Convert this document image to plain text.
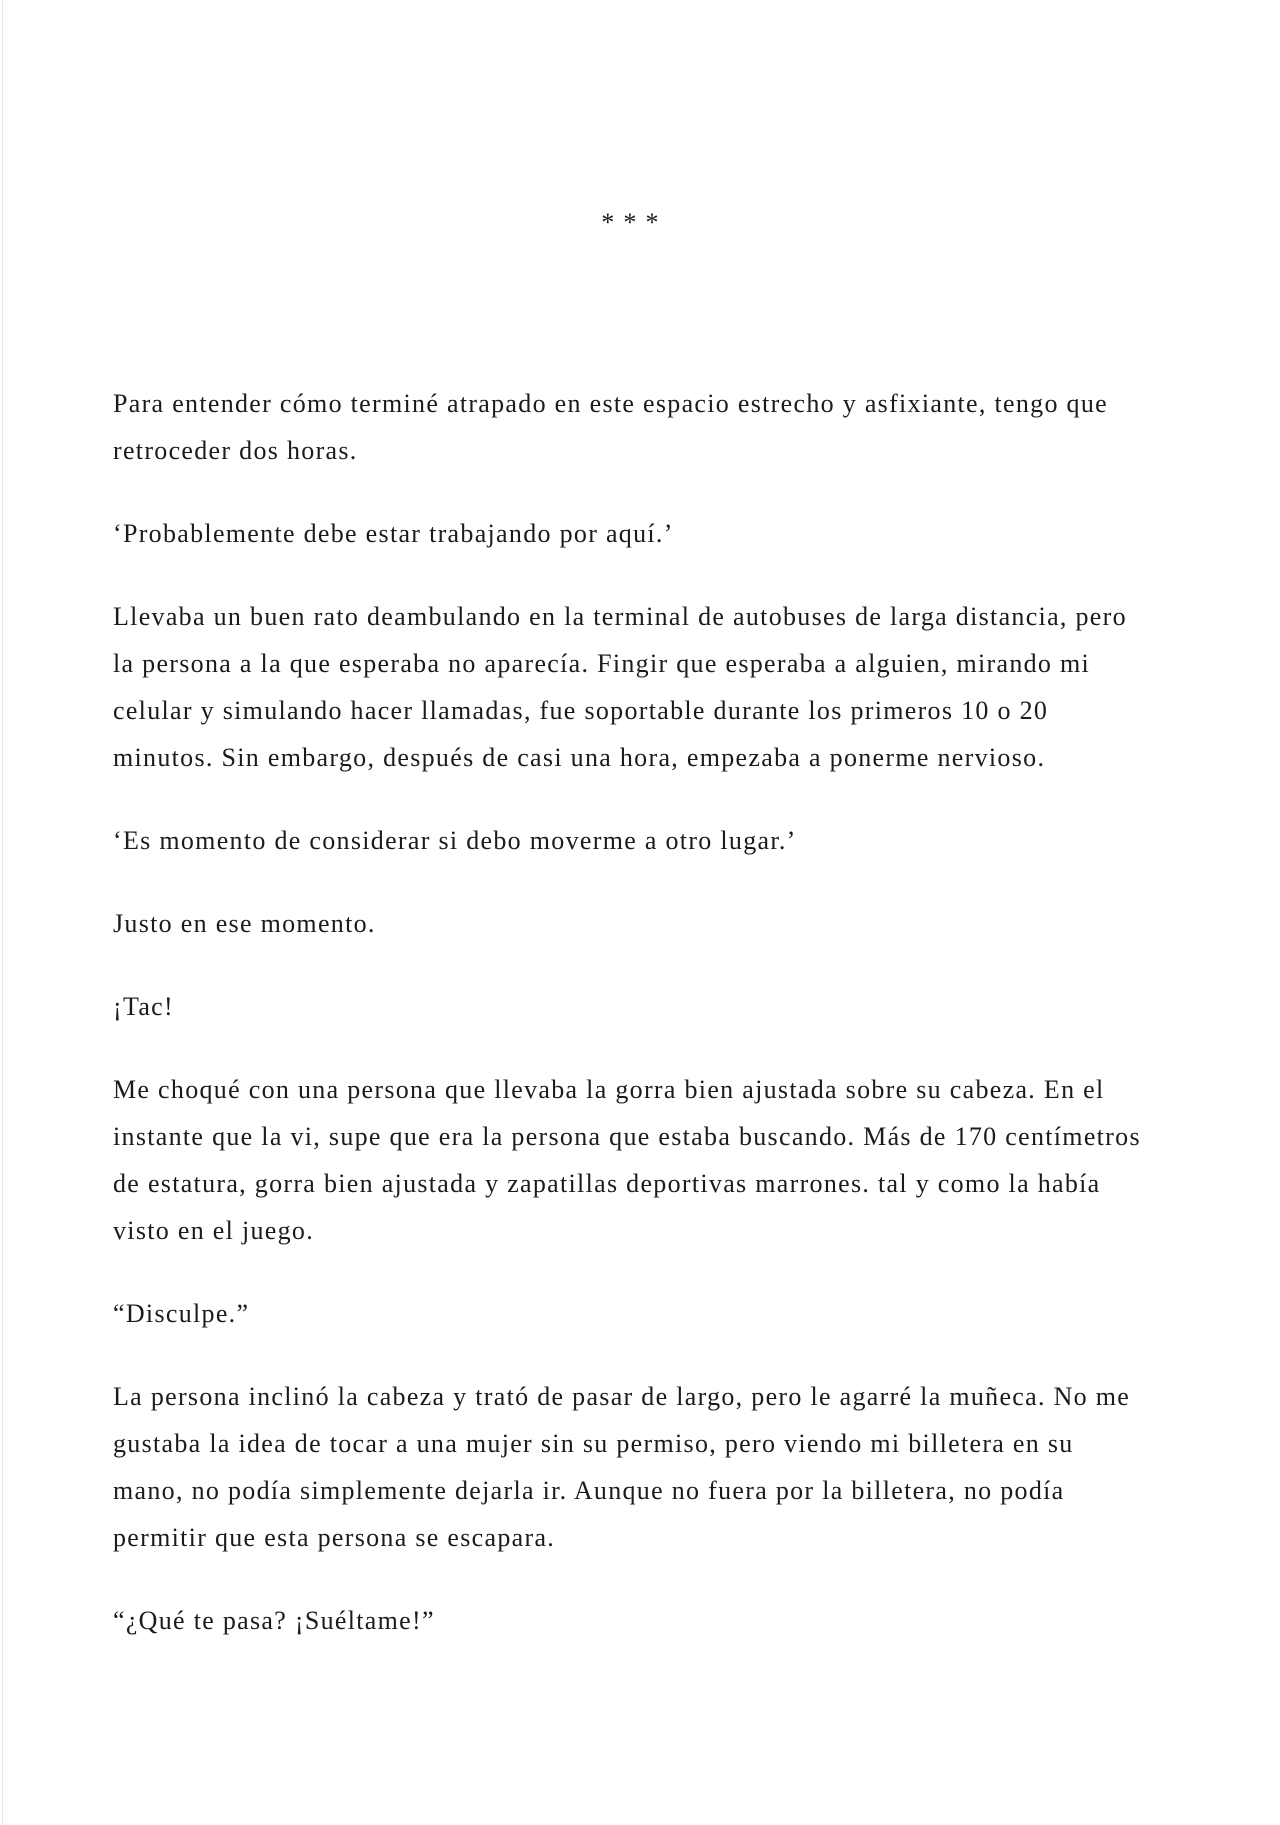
* * *

Para entender cómo terminé atrapado en este espacio estrecho y asfixiante, tengo que retroceder dos horas.

‘Probablemente debe estar trabajando por aquí.’

Llevaba un buen rato deambulando en la terminal de autobuses de larga distancia, pero la persona a la que esperaba no aparecía. Fingir que esperaba a alguien, mirando mi celular y simulando hacer llamadas, fue soportable durante los primeros 10 o 20 minutos. Sin embargo, después de casi una hora, empezaba a ponerme nervioso.

‘Es momento de considerar si debo moverme a otro lugar.’

Justo en ese momento.

¡Tac!

Me choqué con una persona que llevaba la gorra bien ajustada sobre su cabeza. En el instante que la vi, supe que era la persona que estaba buscando. Más de 170 centímetros de estatura, gorra bien ajustada y zapatillas deportivas marrones. tal y como la había visto en el juego.

“Disculpe.”

La persona inclinó la cabeza y trató de pasar de largo, pero le agarré la muñeca. No me gustaba la idea de tocar a una mujer sin su permiso, pero viendo mi billetera en su mano, no podía simplemente dejarla ir. Aunque no fuera por la billetera, no podía permitir que esta persona se escapara.

“¿Qué te pasa? ¡Suéltame!”
